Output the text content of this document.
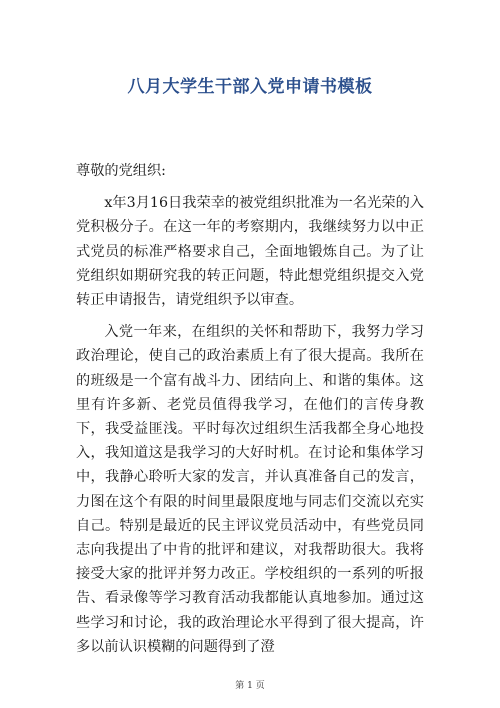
八月大学生干部入党申请书模板

尊敬的党组织:

x年3月16日我荣幸的被党组织批准为一名光荣的入党积极分子。在这一年的考察期内，我继续努力以中正式党员的标准严格要求自己，全面地锻炼自己。为了让党组织如期研究我的转正问题，特此想党组织提交入党转正申请报告，请党组织予以审查。

入党一年来，在组织的关怀和帮助下，我努力学习政治理论，使自己的政治素质上有了很大提高。我所在的班级是一个富有战斗力、团结向上、和谐的集体。这里有许多新、老党员值得我学习，在他们的言传身教下，我受益匪浅。平时每次过组织生活我都全身心地投入，我知道这是我学习的大好时机。在讨论和集体学习中，我静心聆听大家的发言，并认真准备自己的发言，力图在这个有限的时间里最限度地与同志们交流以充实自己。特别是最近的民主评议党员活动中，有些党员同志向我提出了中肯的批评和建议，对我帮助很大。我将接受大家的批评并努力改正。学校组织的一系列的听报告、看录像等学习教育活动我都能认真地参加。通过这些学习和讨论，我的政治理论水平得到了很大提高，许多以前认识模糊的问题得到了澄

第 1 页
